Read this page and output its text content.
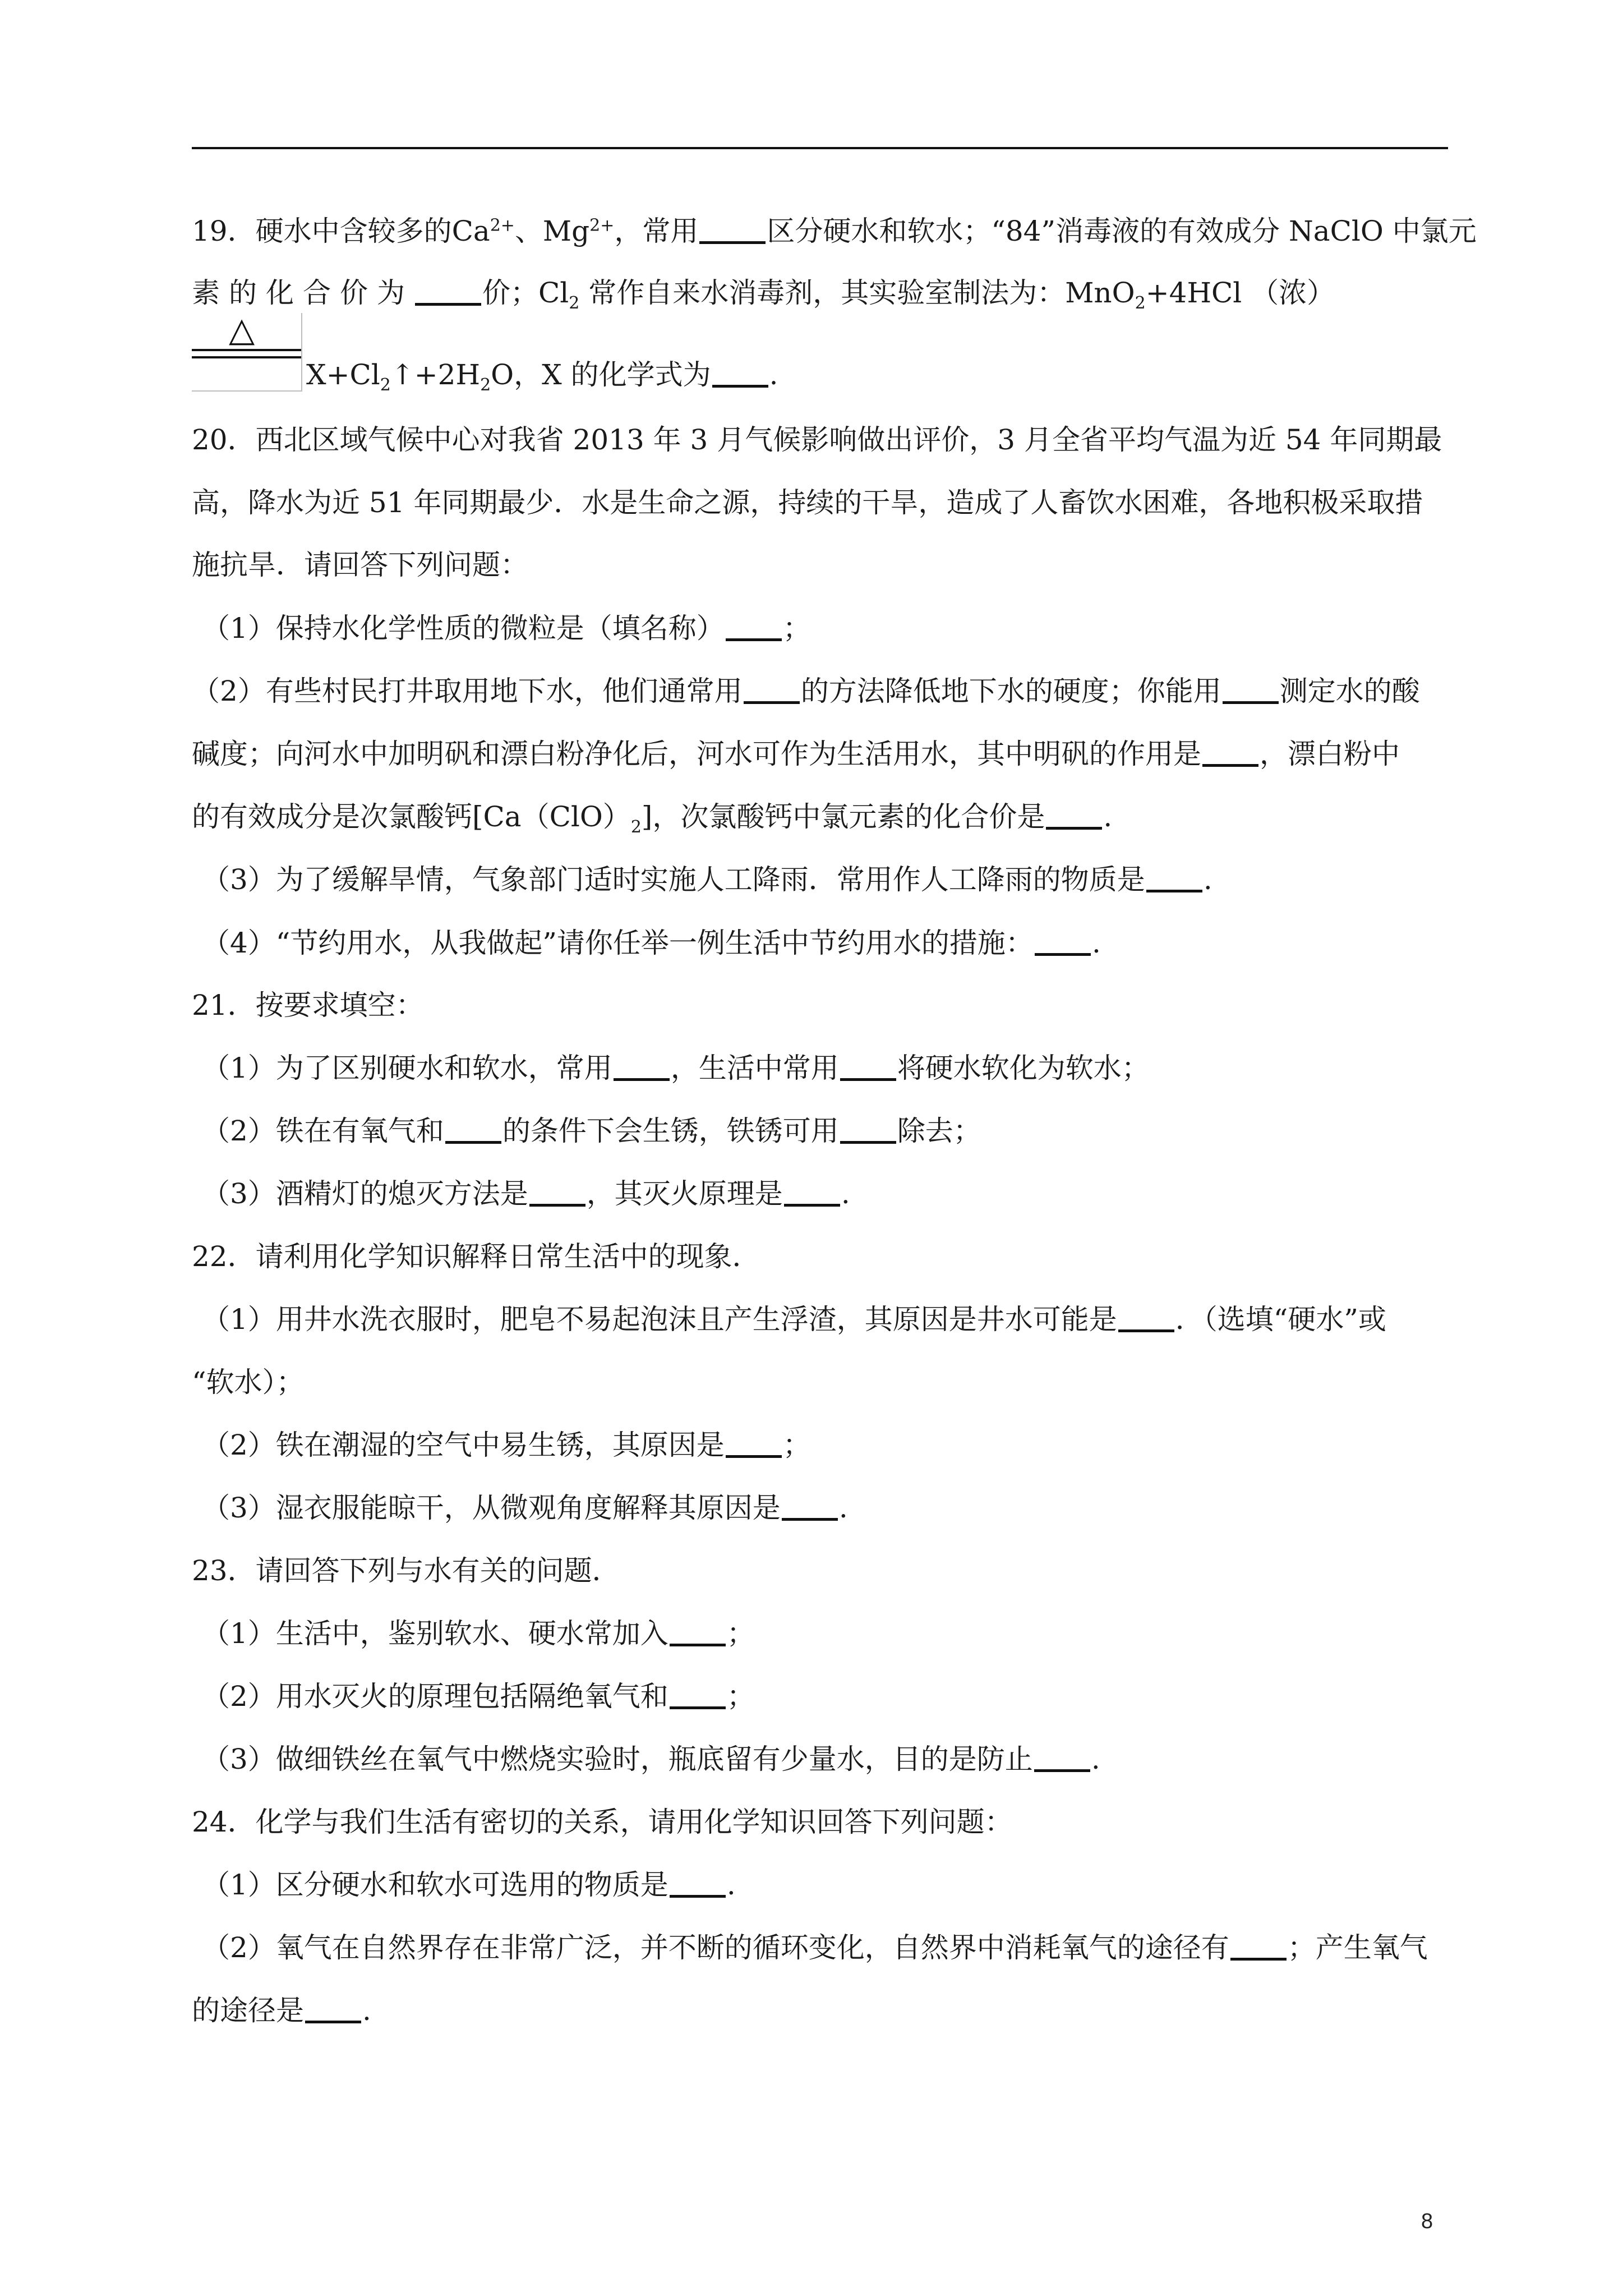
19．硬水中含较多的$Ca^{2+}$、$Mg^{2+}$，常用 区分硬水和软水；“84”消毒液的有效成分 NaClO 中氯元
素的化合价为 价；$Cl_2$ 常作自来水消毒剂，其实验室制法为：MnO$_2$+4HCl （浓）
△
$X+Cl_2↑+2H_2O$，X 的化学式为 .
20．西北区域气候中心对我省 2013 年 3 月气候影响做出评价，3 月全省平均气温为近 54 年同期最
高，降水为近 51 年同期最少．水是生命之源，持续的干旱，造成了人畜饮水困难，各地积极采取措
施抗旱．请回答下列问题：
（1）保持水化学性质的微粒是（填名称） ；
（2）有些村民打井取用地下水，他们通常用 的方法降低地下水的硬度；你能用 测定水的酸
碱度；向河水中加明矾和漂白粉净化后，河水可作为生活用水，其中明矾的作用是 ，漂白粉中
的有效成分是次氯酸钙$[Ca(ClO)_2]$，次氯酸钙中氯元素的化合价是 .
（3）为了缓解旱情，气象部门适时实施人工降雨．常用作人工降雨的物质是 .
（4）“节约用水，从我做起”请你任举一例生活中节约用水的措施： .
21．按要求填空：
（1）为了区别硬水和软水，常用 ，生活中常用 将硬水软化为软水；
（2）铁在有氧气和 的条件下会生锈，铁锈可用 除去；
（3）酒精灯的熄灭方法是 ，其灭火原理是 .
22．请利用化学知识解释日常生活中的现象．
（1）用井水洗衣服时，肥皂不易起泡沫且产生浮渣，其原因是井水可能是 ．（选填“硬水”或
“软水）；
（2）铁在潮湿的空气中易生锈，其原因是 ；
（3）湿衣服能晾干，从微观角度解释其原因是 .
23．请回答下列与水有关的问题．
（1）生活中，鉴别软水、硬水常加入 ；
（2）用水灭火的原理包括隔绝氧气和 ；
（3）做细铁丝在氧气中燃烧实验时，瓶底留有少量水，目的是防止 .
24．化学与我们生活有密切的关系，请用化学知识回答下列问题：
（1）区分硬水和软水可选用的物质是 .
（2）氧气在自然界存在非常广泛，并不断的循环变化，自然界中消耗氧气的途径有 ；产生氧气
的途径是 .
8
